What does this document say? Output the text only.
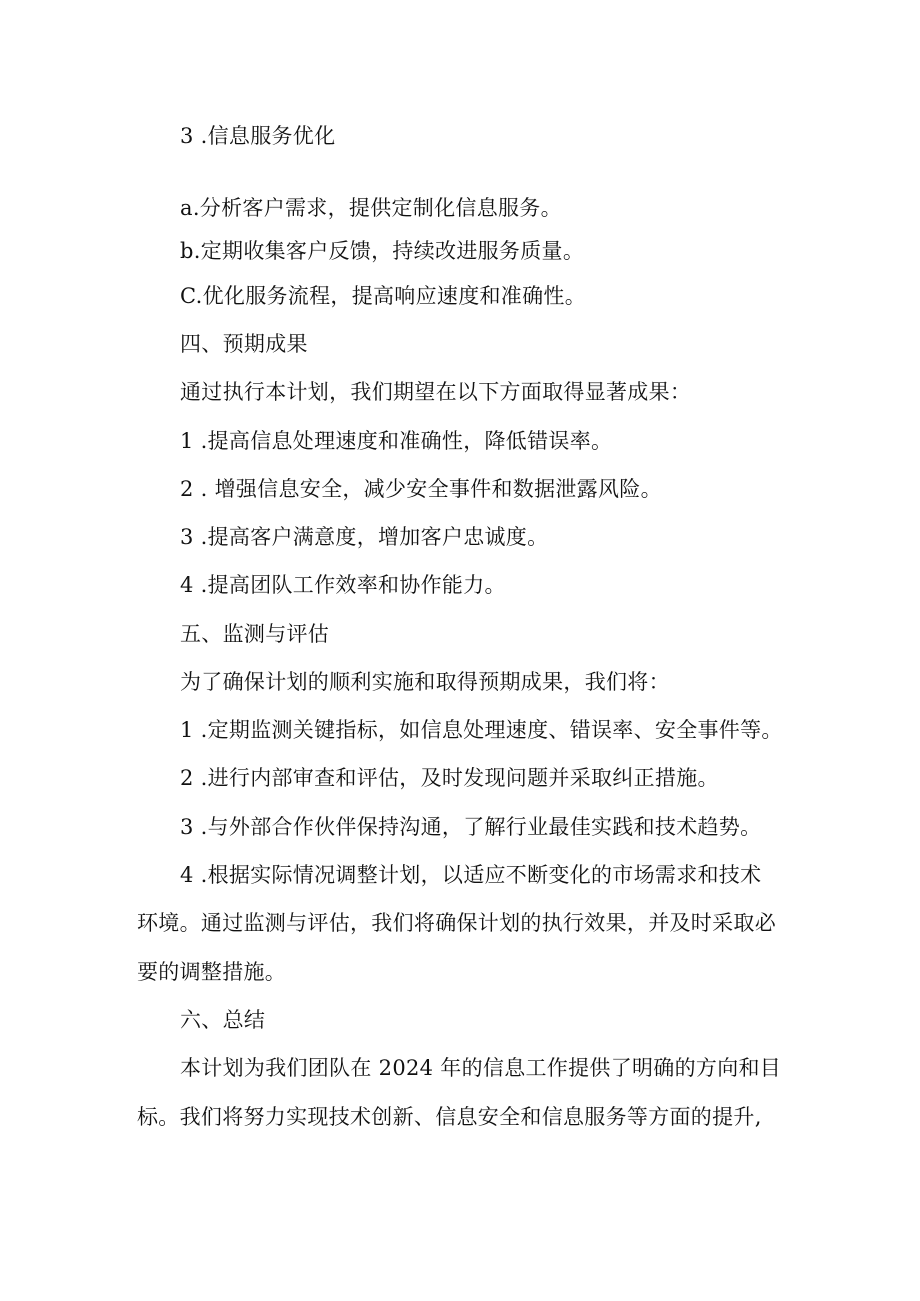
3 .信息服务优化
a.分析客户需求，提供定制化信息服务。
b.定期收集客户反馈，持续改进服务质量。
C.优化服务流程，提高响应速度和准确性。
四、预期成果
通过执行本计划，我们期望在以下方面取得显著成果：
1 .提高信息处理速度和准确性，降低错误率。
2 . 增强信息安全，减少安全事件和数据泄露风险。
3 .提高客户满意度，增加客户忠诚度。
4 .提高团队工作效率和协作能力。
五、监测与评估
为了确保计划的顺利实施和取得预期成果，我们将：
1 .定期监测关键指标，如信息处理速度、错误率、安全事件等。
2 .进行内部审查和评估，及时发现问题并采取纠正措施。
3 .与外部合作伙伴保持沟通，了解行业最佳实践和技术趋势。
4 .根据实际情况调整计划，以适应不断变化的市场需求和技术
环境。通过监测与评估，我们将确保计划的执行效果，并及时采取必
要的调整措施。
六、总结
本计划为我们团队在 2024 年的信息工作提供了明确的方向和目
标。我们将努力实现技术创新、信息安全和信息服务等方面的提升,
